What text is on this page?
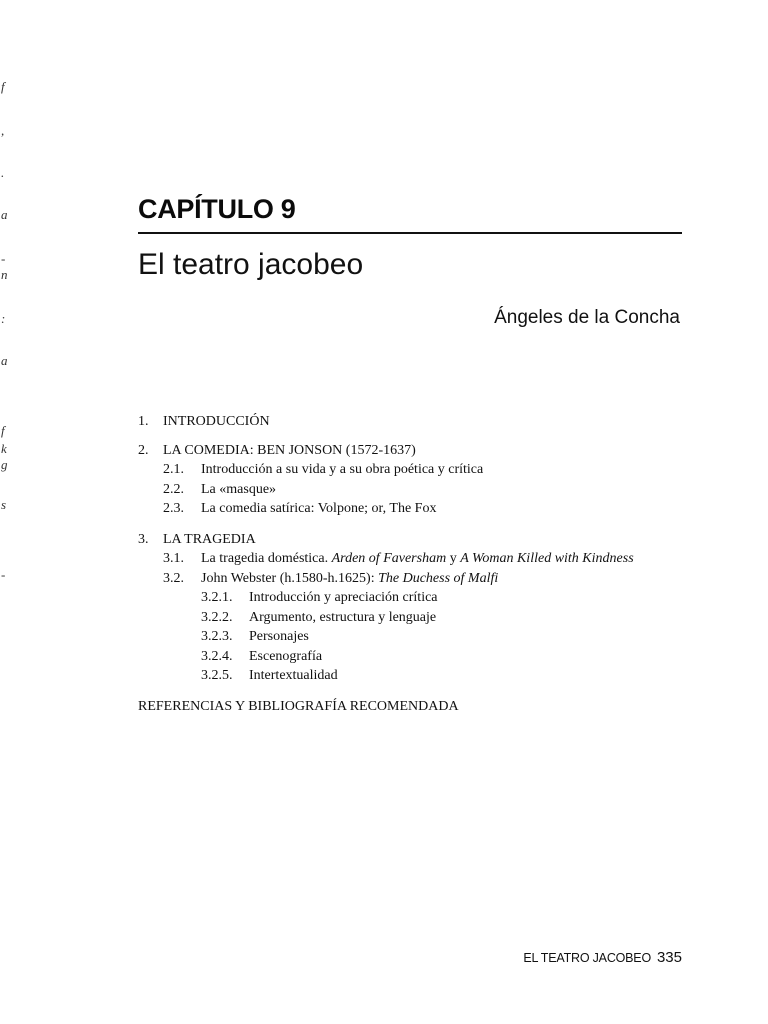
f
,
.
a
-
n
:
a
f
k
g
s
-
CAPÍTULO 9
El teatro jacobeo
Ángeles de la Concha
1. INTRODUCCIÓN
2. LA COMEDIA: BEN JONSON (1572-1637)
2.1. Introducción a su vida y a su obra poética y crítica
2.2. La «masque»
2.3. La comedia satírica: Volpone; or, The Fox
3. LA TRAGEDIA
3.1. La tragedia doméstica. Arden of Faversham y A Woman Killed with Kindness
3.2. John Webster (h.1580-h.1625): The Duchess of Malfi
3.2.1. Introducción y apreciación crítica
3.2.2. Argumento, estructura y lenguaje
3.2.3. Personajes
3.2.4. Escenografía
3.2.5. Intertextualidad
REFERENCIAS Y BIBLIOGRAFÍA RECOMENDADA
EL TEATRO JACOBEO 335
